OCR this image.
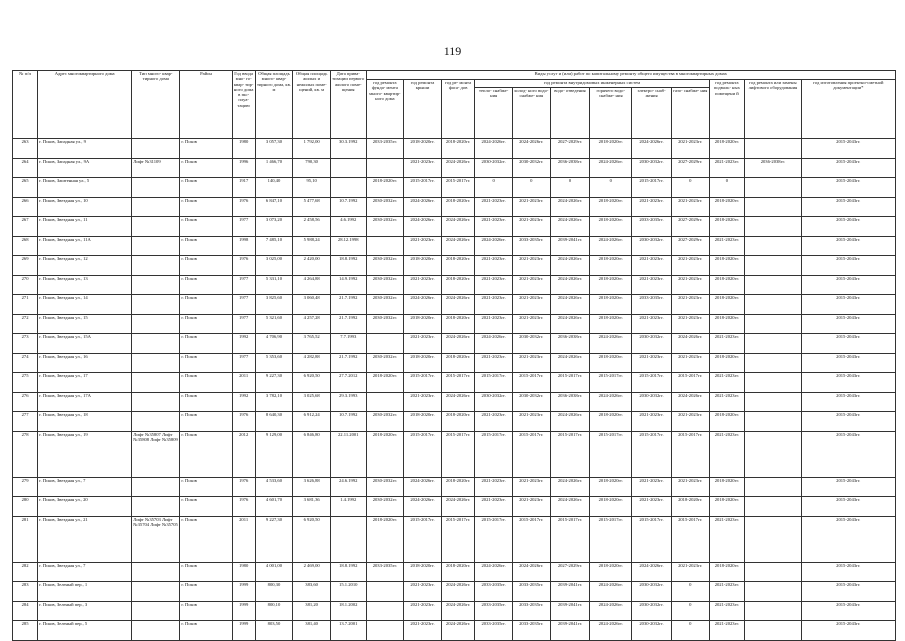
119
№ п/п	Адрес многоквартирного дома	Тип много- квар- тирного дома	Район	Год ввода мно- го- квар- тир- ного дома в экс- плуа- тацию	Общая площадь много- квар- тирного дома, кв. м	Общая площадь жилых и нежилых поме- щений, кв. м	Дата прива- тизации первого жилого поме- щения	Виды услуг и (или) работ по капитальному ремонту общего имущества в многоквартирных домах											
								год ремонта фунда- мента много- квартир- ного дома	год ремонта крыши	год ре- монта фаса- дов	год ремонта внутридомовых инженерных систем						год ремонта подваль- ных помещени й	год ремонта или замены лифтового оборудования	год изготовления проектно-сметной документации*
											тепло- снабже- ния	холод- ного водо- снабже- ния	водо- отведения	горячего водо- снабже- ния	электро- снаб- жения	газо- снабже- ния			
263	г. Псков, Западная ул., 9		г. Псков	1980	3 057,30	1 792,00	30.3.1992	2033-2035гг.	2018-2020гг.	2018-2020гг.	2024-2026гг.	2024-2026гг.	2027-2029гг.	2018-2020гг.	2024-2026гг.	2021-2023гг.	2018-2020гг.		2015-2043гг.
264	г. Псков, Западная ул., 9А	Лифт №31109	г. Псков	1996	1 466,70	790,30			2021-2023гг.	2024-2026гг.	2030-2032гг.	2030-2032гг.	2036-2038гг.	2024-2026гг.	2030-2032гг.	2027-2029гг.	2021-2023гг.	2036-2038гг.	2015-2043гг.
265	г. Псков, Заштенная ул., 5		г. Псков	1917	140,40	95,10		2018-2020гг.	2015-2017гг.	2015-2017гг.	0	0	0	0	2015-2017гг.	0	0		2015-2043гг.
266	г. Псков, Звездная ул., 10		г. Псков	1976	6 847,10	5 477,68	10.7.1992	2030-2032гг.	2024-2026гг.	2018-2020гг.	2021-2023гг.	2021-2023гг.	2024-2026гг.	2018-2020гг.	2021-2023гг.	2021-2023гг.	2018-2020гг.		2015-2043гг.
267	г. Псков, Звездная ул., 11		г. Псков	1977	3 073,20	2 458,56	4.6.1992	2030-2032гг.	2024-2026гг.	2024-2026гг.	2021-2023гг.	2021-2023гг.	2024-2026гг.	2018-2020гг.	2033-2035гг.	2027-2029гг.	2018-2020гг.		2015-2043гг.
268	г. Псков, Звездная ул., 11А		г. Псков	1998	7 485,10	5 988,24	28.12.1998		2021-2023гг.	2024-2026гг.	2024-2026гг.	2033-2035гг.	2039-2041гг.	2024-2026гг.	2030-2032гг.	2027-2029гг.	2021-2023гг.		2015-2043гг.
269	г. Псков, Звездная ул., 12		г. Псков	1976	3 025,00	2 420,00	18.8.1992	2030-2032гг.	2018-2020гг.	2018-2020гг.	2021-2023гг.	2021-2023гг.	2024-2026гг.	2018-2020гг.	2021-2023гг.	2021-2023гг.	2018-2020гг.		2015-2043гг.
270	г. Псков, Звездная ул., 13		г. Псков	1977	5 331,10	4 264,88	14.9.1992	2030-2032гг.	2021-2023гг.	2018-2020гг.	2021-2023гг.	2021-2023гг.	2024-2026гг.	2018-2020гг.	2021-2023гг.	2021-2023гг.	2018-2020гг.		2015-2043гг.
271	г. Псков, Звездная ул., 14		г. Псков	1977	3 825,60	3 060,48	21.7.1992	2030-2032гг.	2024-2026гг.	2024-2026гг.	2021-2023гг.	2021-2023гг.	2024-2026гг.	2018-2020гг.	2033-2035гг.	2021-2023гг.	2018-2020гг.		2015-2043гг.
272	г. Псков, Звездная ул., 15		г. Псков	1977	5 321,60	4 257,28	21.7.1992	2030-2032гг.	2018-2020гг.	2018-2020гг.	2021-2023гг.	2021-2023гг.	2024-2026гг.	2018-2020гг.	2021-2023гг.	2021-2023гг.	2018-2020гг.		2015-2043гг.
273	г. Псков, Звездная ул., 15А		г. Псков	1992	4 706,90	3 765,52	7.7.1993		2021-2023гг.	2024-2026гг.	2024-2026гг.	2030-2032гг.	2036-2038гг.	2024-2026гг.	2030-2032гг.	2024-2026гг.	2021-2023гг.		2015-2043гг.
274	г. Псков, Звездная ул., 16		г. Псков	1977	5 353,60	4 282,88	21.7.1992	2030-2032гг.	2018-2020гг.	2018-2020гг.	2021-2023гг.	2021-2023гг.	2024-2026гг.	2018-2020гг.	2021-2023гг.	2021-2023гг.	2018-2020гг.		2015-2043гг.
275	г. Псков, Звездная ул., 17		г. Псков	2011	9 227,30	6 920,50	27.7.2012	2018-2020гг.	2015-2017гг.	2015-2017гг.	2015-2017гг.	2015-2017гг.	2015-2017гг.	2015-2017гг.	2015-2017гг.	2015-2017гг.	2021-2023гг.		2015-2043гг.
276	г. Псков, Звездная ул., 17А		г. Псков	1992	3 782,10	3 025,68	29.3.1993		2021-2023гг.	2024-2026гг.	2030-2032гг.	2030-2032гг.	2036-2038гг.	2024-2026гг.	2030-2032гг.	2024-2026гг.	2021-2023гг.		2015-2043гг.
277	г. Псков, Звездная ул., 18		г. Псков	1976	8 640,30	6 912,24	10.7.1992	2030-2032гг.	2018-2020гг.	2018-2020гг.	2021-2023гг.	2021-2023гг.	2024-2026гг.	2018-2020гг.	2021-2023гг.	2021-2023гг.	2018-2020гг.		2015-2043гг.
278	г. Псков, Звездная ул., 19	Лифт №35807 Лифт №35808 Лифт №35809	г. Псков	2012	9 129,00	6 846,80	22.11.2001	2018-2020гг.	2015-2017гг.	2015-2017гг.	2015-2017гг.	2015-2017гг.	2015-2017гг.	2015-2017гг.	2015-2017гг.	2015-2017гг.	2021-2023гг.		2015-2043гг.
279	г. Псков, Звездная ул., 7		г. Псков	1976	4 533,60	3 626,88	24.6.1992	2030-2032гг.	2024-2026гг.	2018-2020гг.	2021-2023гг.	2021-2023гг.	2024-2026гг.	2018-2020гг.	2021-2023гг.	2021-2023гг.	2018-2020гг.		2015-2043гг.
280	г. Псков, Звездная ул., 20		г. Псков	1976	4 601,70	3 681,36	1.4.1992	2030-2032гг.	2024-2026гг.	2024-2026гг.	2021-2023гг.	2021-2023гг.	2024-2026гг.	2018-2020гг.	2021-2023гг.	2018-2020гг.	2018-2020гг.		2015-2043гг.
281	г. Псков, Звездная ул., 21	Лифт №35703 Лифт №35704 Лифт №35705	г. Псков	2011	9 227,30	6 920,50		2018-2020гг.	2015-2017гг.	2015-2017гг.	2015-2017гг.	2015-2017гг.	2015-2017гг.	2015-2017гг.	2015-2017гг.	2015-2017гг.	2021-2023гг.		2015-2043гг.
282	г. Псков, Звездная ул., 7		г. Псков	1980	4 001,00	2 469,00	18.8.1992	2033-2035гг.	2018-2020гг.	2018-2020гг.	2024-2026гг.	2024-2026гг.	2027-2029гг.	2018-2020гг.	2024-2026гг.	2021-2023гг.	2018-2020гг.		2015-2043гг.
283	г. Псков, Зеленый пер., 1		г. Псков	1999	800,30	383,60	15.1.2010		2021-2023гг.	2024-2026гг.	2033-2035гг.	2033-2035гг.	2039-2041гг.	2024-2026гг.	2030-2032гг.	0	2021-2023гг.		2015-2043гг.
284	г. Псков, Зеленый пер., 3		г. Псков	1999	800,10	381,20	18.1.2002		2021-2023гг.	2024-2026гг.	2033-2035гг.	2033-2035гг.	2039-2041гг.	2024-2026гг.	2030-2032гг.	0	2021-2023гг.		2015-2043гг.
285	г. Псков, Зеленый пер., 5		г. Псков	1999	803,50	381,40	13.7.2001		2021-2023гг.	2024-2026гг.	2033-2035гг.	2033-2035гг.	2039-2041гг.	2024-2026гг.	2030-2032гг.	0	2021-2023гг.		2015-2043гг.
